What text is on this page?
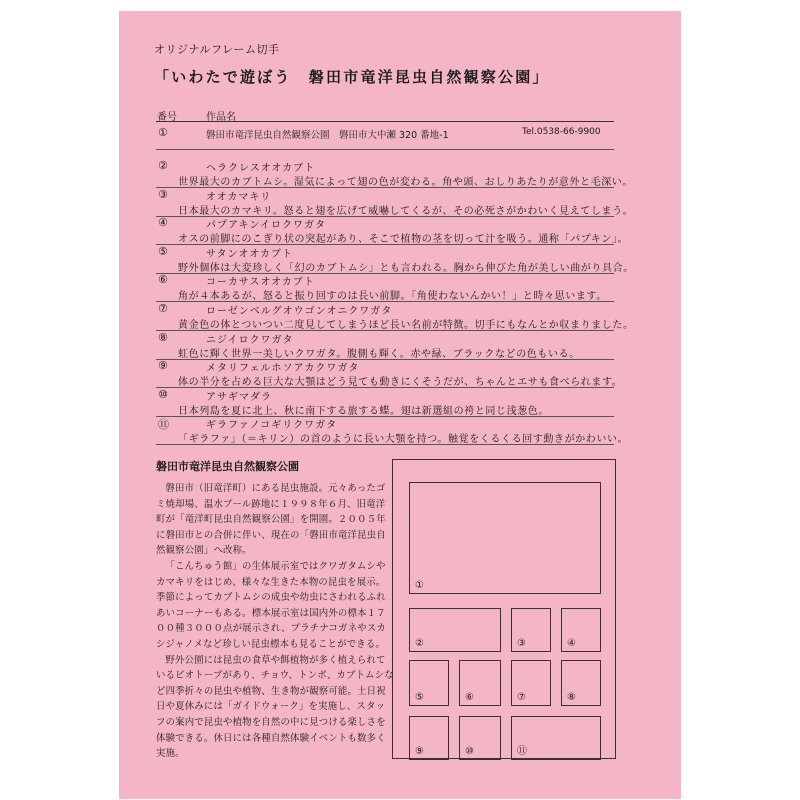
オリジナルフレーム切手
「いわたで遊ぼう　磐田市竜洋昆虫自然観察公園」
番号	作品名
①	磐田市竜洋昆虫自然観察公園　磐田市大中瀬 320 番地-1	Tel.0538-66-9900
②	ヘラクレスオオカブト
世界最大のカブトムシ。湿気によって翅の色が変わる。角や頭、おしりあたりが意外と毛深い。
③	オオカマキリ
日本最大のカマキリ。怒ると翅を広げて威嚇してくるが、その必死さがかわいく見えてしまう。
④	パプアキンイロクワガタ
オスの前脚にのこぎり状の突起があり、そこで植物の茎を切って汁を吸う。通称「パプキン」。
⑤	サタンオオカブト
野外個体は大変珍しく「幻のカブトムシ」とも言われる。胸から伸びた角が美しい曲がり具合。
⑥	コーカサスオオカブト
角が４本あるが、怒ると振り回すのは長い前脚。「角使わないんかい！」と時々思います。
⑦	ローゼンベルグオウゴンオニクワガタ
黄金色の体とついつい二度見してしまうほど長い名前が特徴。切手にもなんとか収まりました。
⑧	ニジイロクワガタ
虹色に輝く世界一美しいクワガタ。腹側も輝く。赤や緑、ブラックなどの色もいる。
⑨	メタリフェルホソアカクワガタ
体の半分を占める巨大な大顎はどう見ても動きにくそうだが、ちゃんとエサも食べられます。
⑩	アサギマダラ
日本列島を夏に北上、秋に南下する旅する蝶。翅は新選組の袴と同じ浅葱色。
⑪	ギラファノコギリクワガタ
「ギラファ」（＝キリン）の首のように長い大顎を持つ。触覚をくるくる回す動きがかわいい。
磐田市竜洋昆虫自然観察公園

磐田市（旧竜洋町）にある昆虫施設。元々あったゴミ焼却場、温水プール跡地に１９９８年６月、旧竜洋町が「竜洋町昆虫自然観察公園」を開園。２００５年に磐田市との合併に伴い、現在の「磐田市竜洋昆虫自然観察公園」へ改称。

「こんちゅう館」の生体展示室ではクワガタムシやカマキリをはじめ、様々な生きた本物の昆虫を展示。季節によってカブトムシの成虫や幼虫にさわれるふれあいコーナーもある。標本展示室は国内外の標本１７００種３０００点が展示され、プラチナコガネやスカシジャノメなど珍しい昆虫標本も見ることができる。

野外公園には昆虫の食草や餌植物が多く植えられているビオトープがあり、チョウ、トンボ、カブトムシなど四季折々の昆虫や植物、生き物が観察可能。土日祝日や夏休みには「ガイドウォーク」を実施し、スタッフの案内で昆虫や植物を自然の中に見つける楽しさを体験できる。休日には各種自然体験イベントも数多く実施。

①
②	③	④
⑤	⑥	⑦	⑧
⑨	⑩	⑪
